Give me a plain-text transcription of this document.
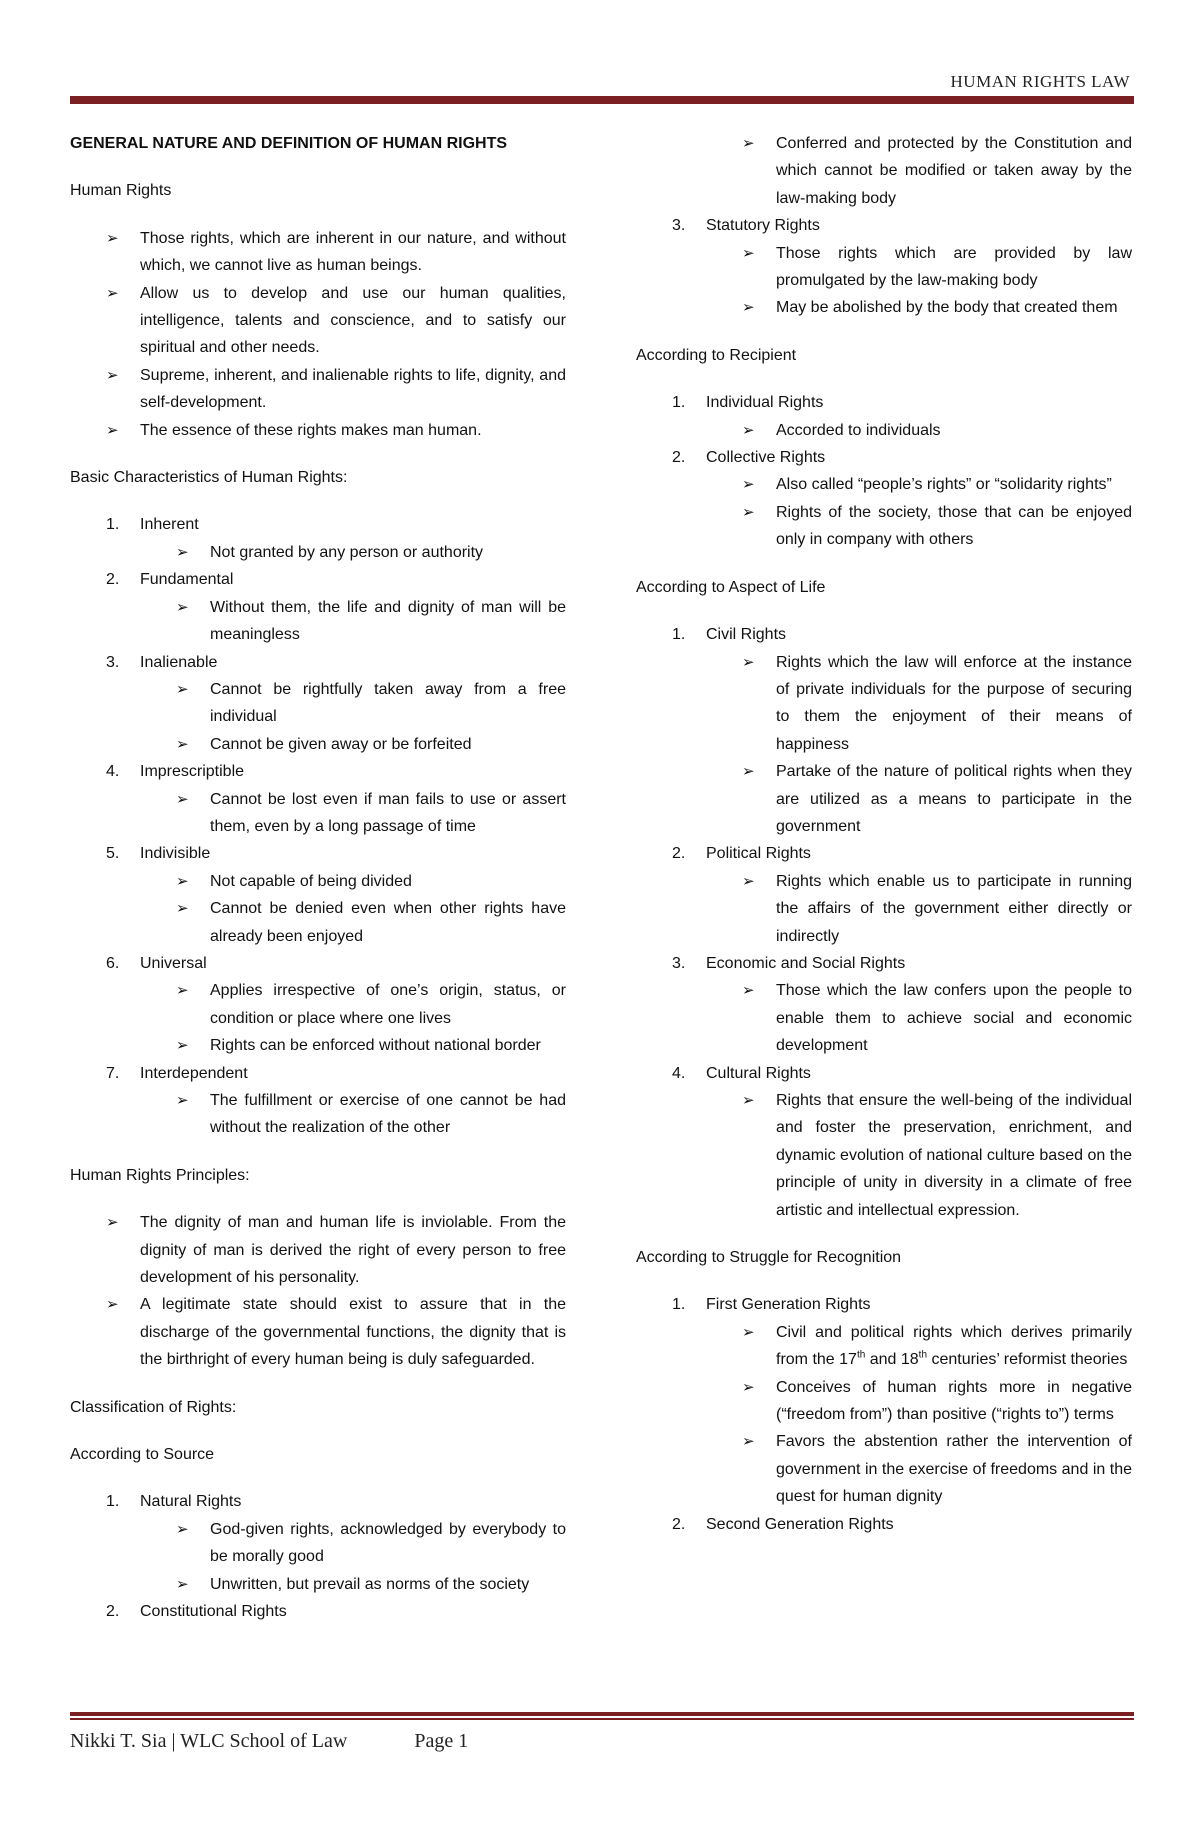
HUMAN RIGHTS LAW
GENERAL NATURE AND DEFINITION OF HUMAN RIGHTS
Human Rights
➢ Those rights, which are inherent in our nature, and without which, we cannot live as human beings.
➢ Allow us to develop and use our human qualities, intelligence, talents and conscience, and to satisfy our spiritual and other needs.
➢ Supreme, inherent, and inalienable rights to life, dignity, and self-development.
➢ The essence of these rights makes man human.
Basic Characteristics of Human Rights:
1. Inherent
➢ Not granted by any person or authority
2. Fundamental
➢ Without them, the life and dignity of man will be meaningless
3. Inalienable
➢ Cannot be rightfully taken away from a free individual
➢ Cannot be given away or be forfeited
4. Imprescriptible
➢ Cannot be lost even if man fails to use or assert them, even by a long passage of time
5. Indivisible
➢ Not capable of being divided
➢ Cannot be denied even when other rights have already been enjoyed
6. Universal
➢ Applies irrespective of one’s origin, status, or condition or place where one lives
➢ Rights can be enforced without national border
7. Interdependent
➢ The fulfillment or exercise of one cannot be had without the realization of the other
Human Rights Principles:
➢ The dignity of man and human life is inviolable. From the dignity of man is derived the right of every person to free development of his personality.
➢ A legitimate state should exist to assure that in the discharge of the governmental functions, the dignity that is the birthright of every human being is duly safeguarded.
Classification of Rights:
According to Source
1. Natural Rights
➢ God-given rights, acknowledged by everybody to be morally good
➢ Unwritten, but prevail as norms of the society
2. Constitutional Rights
➢ Conferred and protected by the Constitution and which cannot be modified or taken away by the law-making body
3. Statutory Rights
➢ Those rights which are provided by law promulgated by the law-making body
➢ May be abolished by the body that created them
According to Recipient
1. Individual Rights
➢ Accorded to individuals
2. Collective Rights
➢ Also called “people’s rights” or “solidarity rights”
➢ Rights of the society, those that can be enjoyed only in company with others
According to Aspect of Life
1. Civil Rights
➢ Rights which the law will enforce at the instance of private individuals for the purpose of securing to them the enjoyment of their means of happiness
➢ Partake of the nature of political rights when they are utilized as a means to participate in the government
2. Political Rights
➢ Rights which enable us to participate in running the affairs of the government either directly or indirectly
3. Economic and Social Rights
➢ Those which the law confers upon the people to enable them to achieve social and economic development
4. Cultural Rights
➢ Rights that ensure the well-being of the individual and foster the preservation, enrichment, and dynamic evolution of national culture based on the principle of unity in diversity in a climate of free artistic and intellectual expression.
According to Struggle for Recognition
1. First Generation Rights
➢ Civil and political rights which derives primarily from the 17th and 18th centuries’ reformist theories
➢ Conceives of human rights more in negative (“freedom from”) than positive (“rights to”) terms
➢ Favors the abstention rather the intervention of government in the exercise of freedoms and in the quest for human dignity
2. Second Generation Rights
Nikki T. Sia | WLC School of Law	Page 1
